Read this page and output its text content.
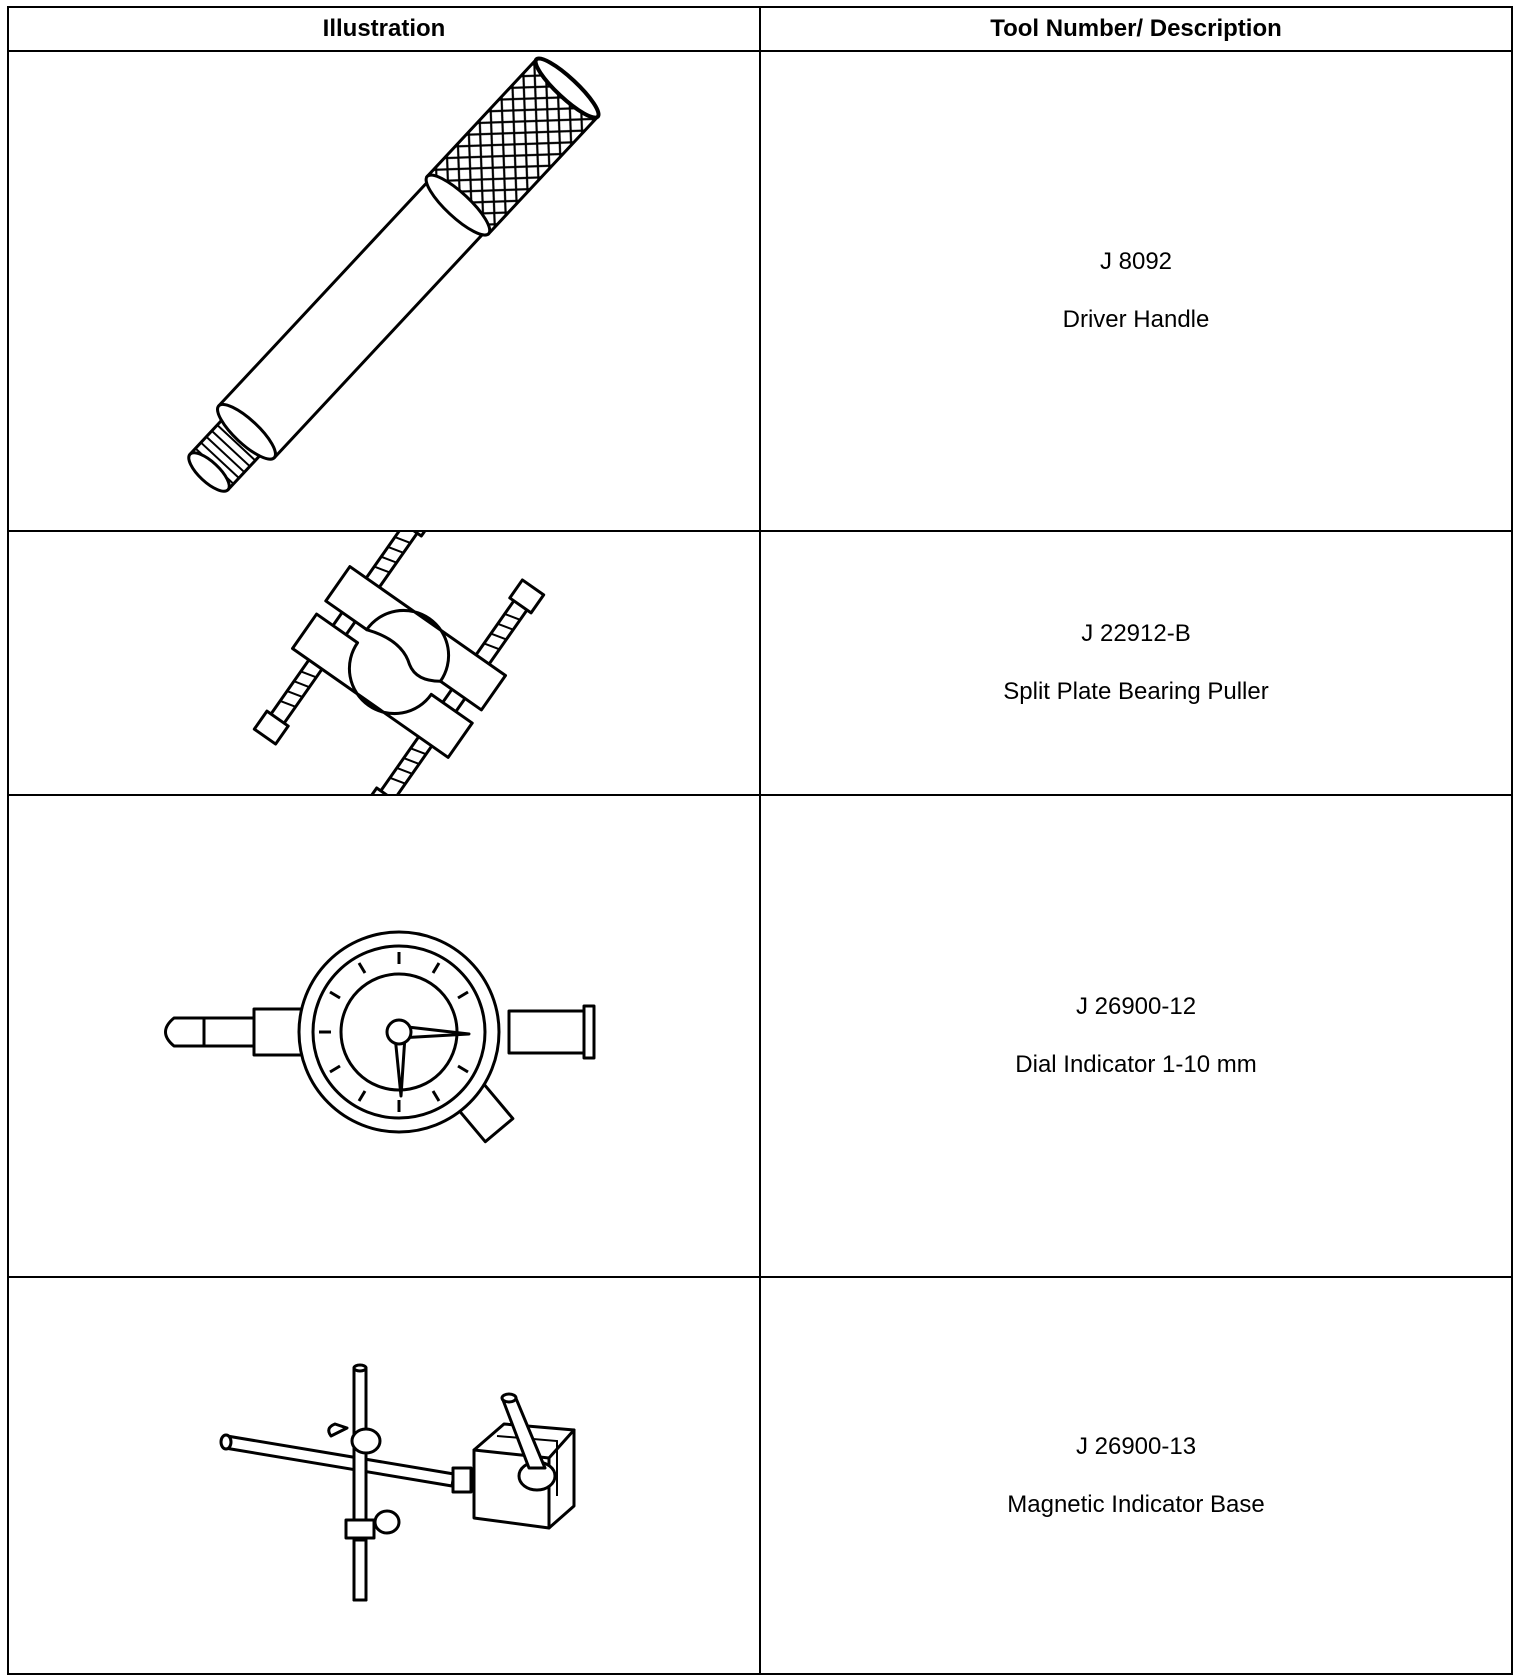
Illustration	Tool Number/ Description

J 8092
Driver Handle

J 22912-B
Split Plate Bearing Puller

J 26900-12
Dial Indicator 1-10 mm

J 26900-13
Magnetic Indicator Base
